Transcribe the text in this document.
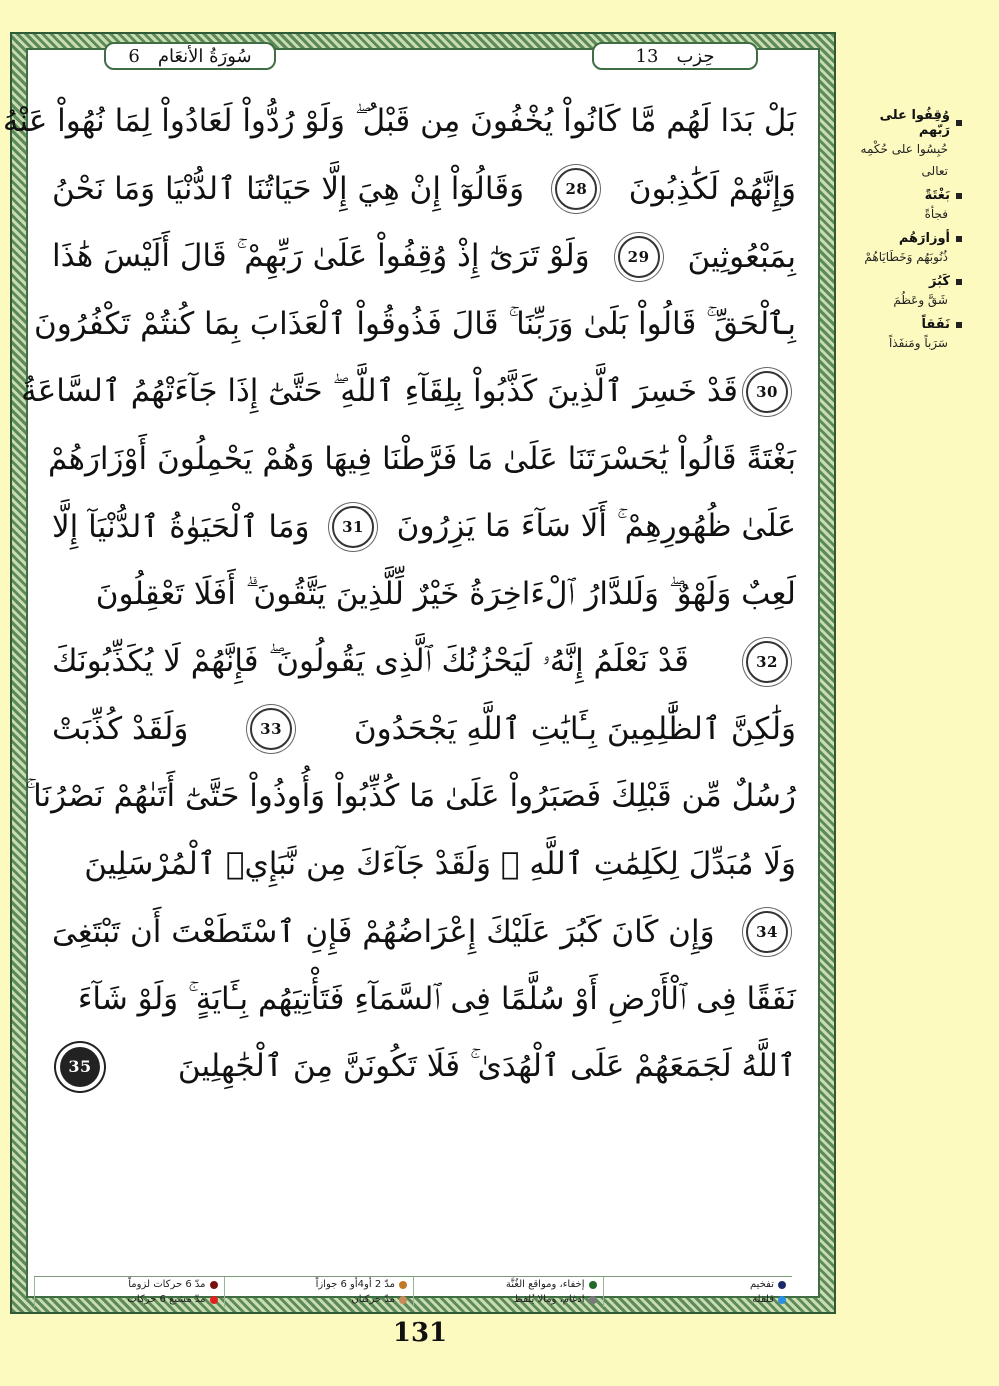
6 سُورَةُ الأنعَام	13 حِزب
بَلْ بَدَا لَهُم مَّا كَانُواْ يُخْفُونَ مِن قَبْلُ ۖ وَلَوْ رُدُّواْ لَعَادُواْ لِمَا نُهُواْ عَنْهُ
وَإِنَّهُمْ لَكَٰذِبُونَ
28
وَقَالُوٓاْ إِنْ هِيَ إِلَّا حَيَاتُنَا ٱلدُّنْيَا وَمَا نَحْنُ
بِمَبْعُوثِينَ
29
وَلَوْ تَرَىٰٓ إِذْ وُقِفُواْ عَلَىٰ رَبِّهِمْ ۚ قَالَ أَلَيْسَ هَٰذَا
بِٱلْحَقِّ ۚ قَالُواْ بَلَىٰ وَرَبِّنَا ۚ قَالَ فَذُوقُواْ ٱلْعَذَابَ بِمَا كُنتُمْ تَكْفُرُونَ
30
قَدْ خَسِرَ ٱلَّذِينَ كَذَّبُواْ بِلِقَآءِ ٱللَّهِ ۖ حَتَّىٰٓ إِذَا جَآءَتْهُمُ ٱلسَّاعَةُ
بَغْتَةً قَالُواْ يَٰحَسْرَتَنَا عَلَىٰ مَا فَرَّطْنَا فِيهَا وَهُمْ يَحْمِلُونَ أَوْزَارَهُمْ
عَلَىٰ ظُهُورِهِمْ ۚ أَلَا سَآءَ مَا يَزِرُونَ
31
وَمَا ٱلْحَيَوٰةُ ٱلدُّنْيَآ إِلَّا
لَعِبٌ وَلَهْوٌ ۖ وَلَلدَّارُ ٱلْءَاخِرَةُ خَيْرٌ لِّلَّذِينَ يَتَّقُونَ ۗ أَفَلَا تَعْقِلُونَ
32
قَدْ نَعْلَمُ إِنَّهُۥ لَيَحْزُنُكَ ٱلَّذِى يَقُولُونَ ۖ فَإِنَّهُمْ لَا يُكَذِّبُونَكَ
وَلَٰكِنَّ ٱلظَّٰلِمِينَ بِـَٔايَٰتِ ٱللَّهِ يَجْحَدُونَ
33
وَلَقَدْ كُذِّبَتْ
رُسُلٌ مِّن قَبْلِكَ فَصَبَرُواْ عَلَىٰ مَا كُذِّبُواْ وَأُوذُواْ حَتَّىٰٓ أَتَىٰهُمْ نَصْرُنَا ۚ
وَلَا مُبَدِّلَ لِكَلِمَٰتِ ٱللَّهِ ۚ وَلَقَدْ جَآءَكَ مِن نَّبَإِي۟ ٱلْمُرْسَلِينَ
34
وَإِن كَانَ كَبُرَ عَلَيْكَ إِعْرَاضُهُمْ فَإِنِ ٱسْتَطَعْتَ أَن تَبْتَغِىَ
نَفَقًا فِى ٱلْأَرْضِ أَوْ سُلَّمًا فِى ٱلسَّمَآءِ فَتَأْتِيَهُم بِـَٔايَةٍ ۚ وَلَوْ شَآءَ
ٱللَّهُ لَجَمَعَهُمْ عَلَى ٱلْهُدَىٰ ۚ فَلَا تَكُونَنَّ مِنَ ٱلْجَٰهِلِينَ
35
تفخيم
قلقلة
إخفاء، ومواقع الغُنَّة
ادغام، ومالا يُلفظ
مدّ 2 أو4أو 6 جوازاً
مدّ حركتان
مدّ 6 حركات لزوماً
مدّ مشبع 6 حركات
131
وُقِفُوا على رَبّهم
حُبِسُوا على حُكْمِه تعالى
بَغْتَةً
فجأةً
أوزارَهُم
ذُنُوبَهُم وَخَطَايَاهُمْ
كَبُرَ
شَقَّ وعَظُمَ
نَفَقاً
سَرَباً ومَنفَذاً
